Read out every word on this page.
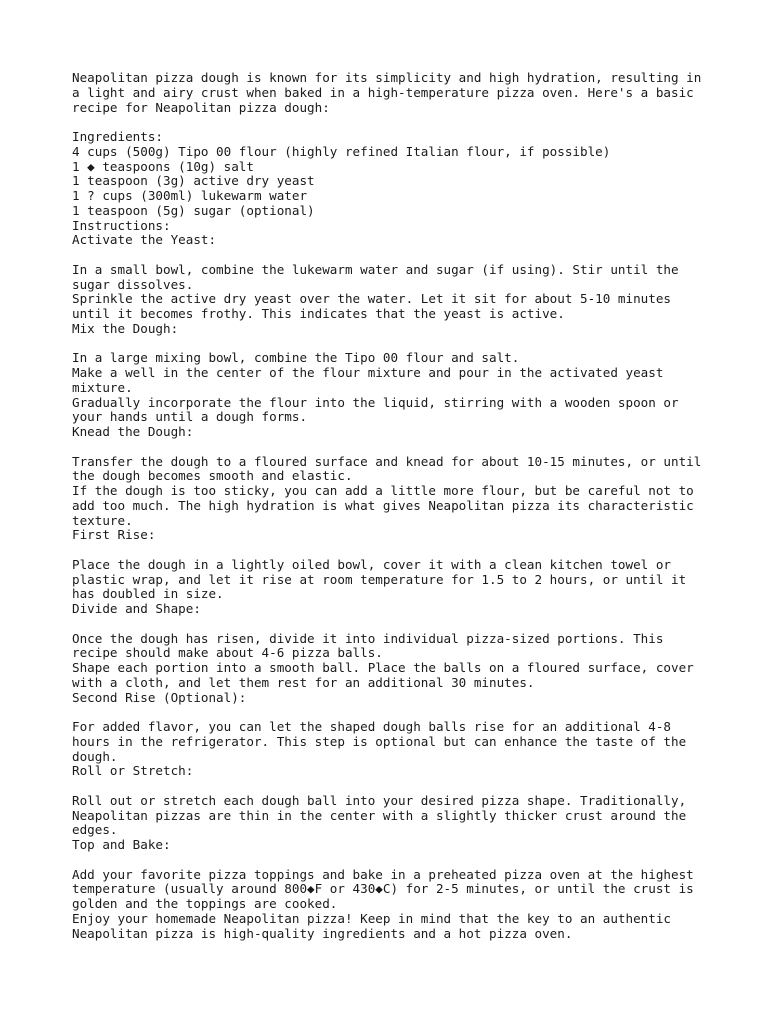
Neapolitan pizza dough is known for its simplicity and high hydration, resulting in
a light and airy crust when baked in a high-temperature pizza oven. Here's a basic
recipe for Neapolitan pizza dough:
Ingredients:
4 cups (500g) Tipo 00 flour (highly refined Italian flour, if possible)
1 ◆ teaspoons (10g) salt
1 teaspoon (3g) active dry yeast
1 ? cups (300ml) lukewarm water
1 teaspoon (5g) sugar (optional)
Instructions:
Activate the Yeast:
In a small bowl, combine the lukewarm water and sugar (if using). Stir until the
sugar dissolves.
Sprinkle the active dry yeast over the water. Let it sit for about 5-10 minutes
until it becomes frothy. This indicates that the yeast is active.
Mix the Dough:
In a large mixing bowl, combine the Tipo 00 flour and salt.
Make a well in the center of the flour mixture and pour in the activated yeast
mixture.
Gradually incorporate the flour into the liquid, stirring with a wooden spoon or
your hands until a dough forms.
Knead the Dough:
Transfer the dough to a floured surface and knead for about 10-15 minutes, or until
the dough becomes smooth and elastic.
If the dough is too sticky, you can add a little more flour, but be careful not to
add too much. The high hydration is what gives Neapolitan pizza its characteristic
texture.
First Rise:
Place the dough in a lightly oiled bowl, cover it with a clean kitchen towel or
plastic wrap, and let it rise at room temperature for 1.5 to 2 hours, or until it
has doubled in size.
Divide and Shape:
Once the dough has risen, divide it into individual pizza-sized portions. This
recipe should make about 4-6 pizza balls.
Shape each portion into a smooth ball. Place the balls on a floured surface, cover
with a cloth, and let them rest for an additional 30 minutes.
Second Rise (Optional):
For added flavor, you can let the shaped dough balls rise for an additional 4-8
hours in the refrigerator. This step is optional but can enhance the taste of the
dough.
Roll or Stretch:
Roll out or stretch each dough ball into your desired pizza shape. Traditionally,
Neapolitan pizzas are thin in the center with a slightly thicker crust around the
edges.
Top and Bake:
Add your favorite pizza toppings and bake in a preheated pizza oven at the highest
temperature (usually around 800◆F or 430◆C) for 2-5 minutes, or until the crust is
golden and the toppings are cooked.
Enjoy your homemade Neapolitan pizza! Keep in mind that the key to an authentic
Neapolitan pizza is high-quality ingredients and a hot pizza oven.
